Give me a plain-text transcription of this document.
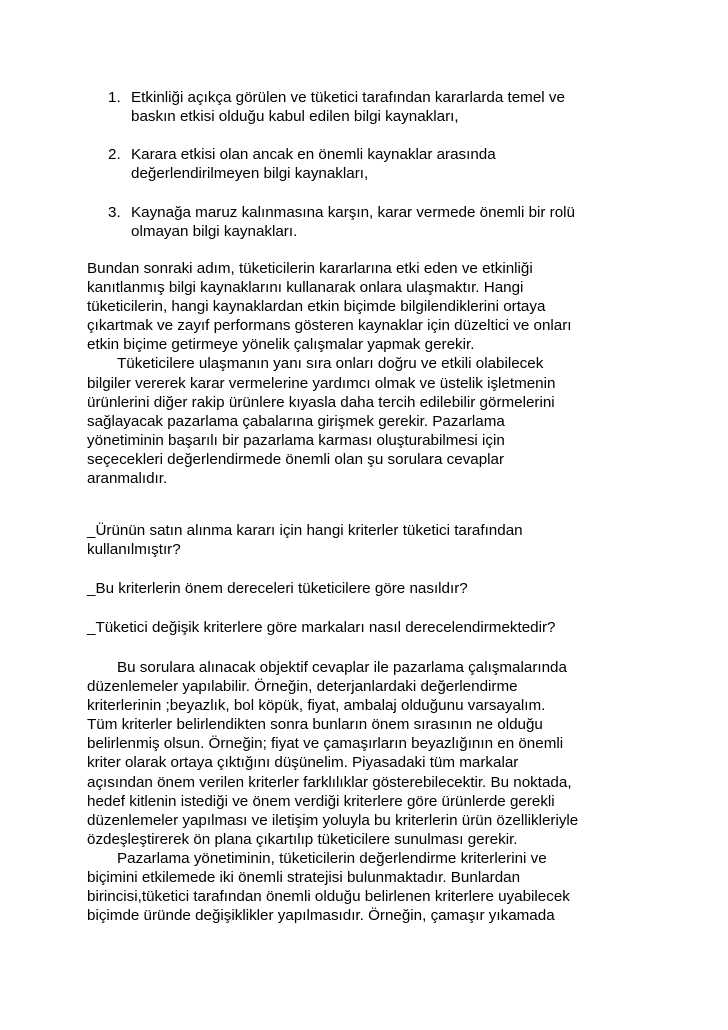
1. Etkinliği açıkça görülen ve tüketici tarafından kararlarda temel ve
baskın etkisi olduğu kabul edilen bilgi kaynakları,
2. Karara etkisi olan ancak en önemli kaynaklar arasında
değerlendirilmeyen bilgi kaynakları,
3. Kaynağa maruz kalınmasına karşın, karar vermede önemli bir rolü
olmayan bilgi kaynakları.
Bundan sonraki adım, tüketicilerin kararlarına etki eden ve etkinliği
kanıtlanmış bilgi kaynaklarını kullanarak onlara ulaşmaktır. Hangi
tüketicilerin, hangi kaynaklardan etkin biçimde bilgilendiklerini ortaya
çıkartmak ve zayıf performans gösteren kaynaklar için düzeltici ve onları
etkin biçime getirmeye yönelik çalışmalar yapmak gerekir.
Tüketicilere ulaşmanın yanı sıra onları doğru ve etkili olabilecek
bilgiler vererek karar vermelerine yardımcı olmak ve üstelik işletmenin
ürünlerini diğer rakip ürünlere kıyasla daha tercih edilebilir görmelerini
sağlayacak pazarlama çabalarına girişmek gerekir. Pazarlama
yönetiminin başarılı bir pazarlama karması oluşturabilmesi için
seçecekleri değerlendirmede önemli olan şu sorulara cevaplar
aranmalıdır.
_Ürünün satın alınma kararı için hangi kriterler tüketici tarafından
kullanılmıştır?
_Bu kriterlerin önem dereceleri tüketicilere göre nasıldır?
_Tüketici değişik kriterlere göre markaları nasıl derecelendirmektedir?
Bu sorulara alınacak objektif cevaplar ile pazarlama çalışmalarında
düzenlemeler yapılabilir. Örneğin, deterjanlardaki değerlendirme
kriterlerinin ;beyazlık, bol köpük, fiyat, ambalaj olduğunu varsayalım.
Tüm kriterler belirlendikten sonra bunların önem sırasının ne olduğu
belirlenmiş olsun. Örneğin; fiyat ve çamaşırların beyazlığının en önemli
kriter olarak ortaya çıktığını düşünelim. Piyasadaki tüm markalar
açısından önem verilen kriterler farklılıklar gösterebilecektir. Bu noktada,
hedef kitlenin istediği ve önem verdiği kriterlere göre ürünlerde gerekli
düzenlemeler yapılması ve iletişim yoluyla bu kriterlerin ürün özellikleriyle
özdeşleştirerek ön plana çıkartılıp tüketicilere sunulması gerekir.
Pazarlama yönetiminin, tüketicilerin değerlendirme kriterlerini ve
biçimini etkilemede iki önemli stratejisi bulunmaktadır. Bunlardan
birincisi,tüketici tarafından önemli olduğu belirlenen kriterlere uyabilecek
biçimde üründe değişiklikler yapılmasıdır. Örneğin, çamaşır yıkamada
